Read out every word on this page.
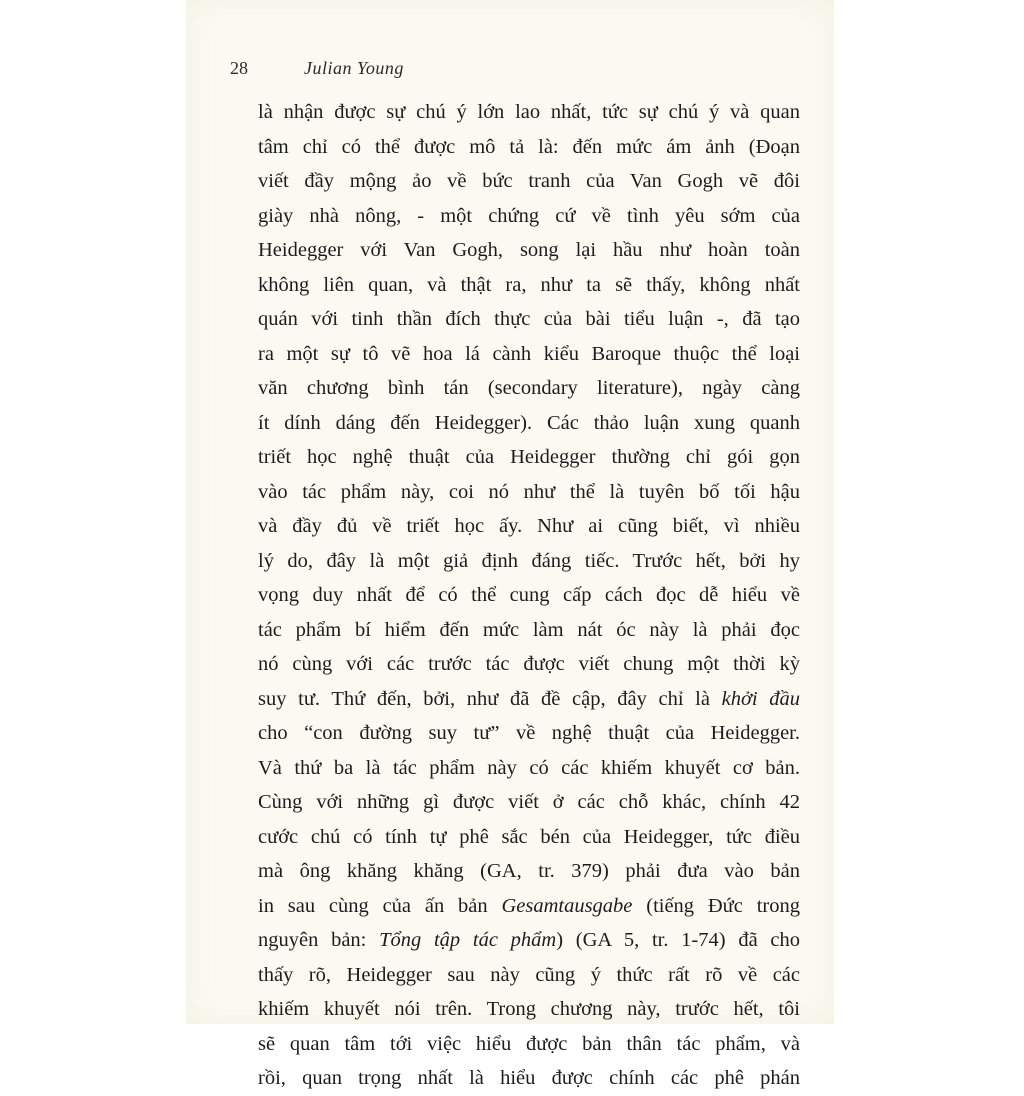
28	Julian Young
là nhận được sự chú ý lớn lao nhất, tức sự chú ý và quan
tâm chỉ có thể được mô tả là: đến mức ám ảnh (Đoạn
viết đầy mộng ảo về bức tranh của Van Gogh vẽ đôi
giày nhà nông, - một chứng cứ về tình yêu sớm của
Heidegger với Van Gogh, song lại hầu như hoàn toàn
không liên quan, và thật ra, như ta sẽ thấy, không nhất
quán với tinh thần đích thực của bài tiểu luận -, đã tạo
ra một sự tô vẽ hoa lá cành kiểu Baroque thuộc thể loại
văn chương bình tán (secondary literature), ngày càng
ít dính dáng đến Heidegger). Các thảo luận xung quanh
triết học nghệ thuật của Heidegger thường chỉ gói gọn
vào tác phẩm này, coi nó như thể là tuyên bố tối hậu
và đầy đủ về triết học ấy. Như ai cũng biết, vì nhiều
lý do, đây là một giả định đáng tiếc. Trước hết, bởi hy
vọng duy nhất để có thể cung cấp cách đọc dễ hiểu về
tác phẩm bí hiểm đến mức làm nát óc này là phải đọc
nó cùng với các trước tác được viết chung một thời kỳ
suy tư. Thứ đến, bởi, như đã đề cập, đây chỉ là khởi đầu
cho “con đường suy tư” về nghệ thuật của Heidegger.
Và thứ ba là tác phẩm này có các khiếm khuyết cơ bản.
Cùng với những gì được viết ở các chỗ khác, chính 42
cước chú có tính tự phê sắc bén của Heidegger, tức điều
mà ông khăng khăng (GA, tr. 379) phải đưa vào bản
in sau cùng của ấn bản Gesamtausgabe (tiếng Đức trong
nguyên bản: Tổng tập tác phẩm) (GA 5, tr. 1-74) đã cho
thấy rõ, Heidegger sau này cũng ý thức rất rõ về các
khiếm khuyết nói trên. Trong chương này, trước hết, tôi
sẽ quan tâm tới việc hiểu được bản thân tác phẩm, và
rồi, quan trọng nhất là hiểu được chính các phê phán
